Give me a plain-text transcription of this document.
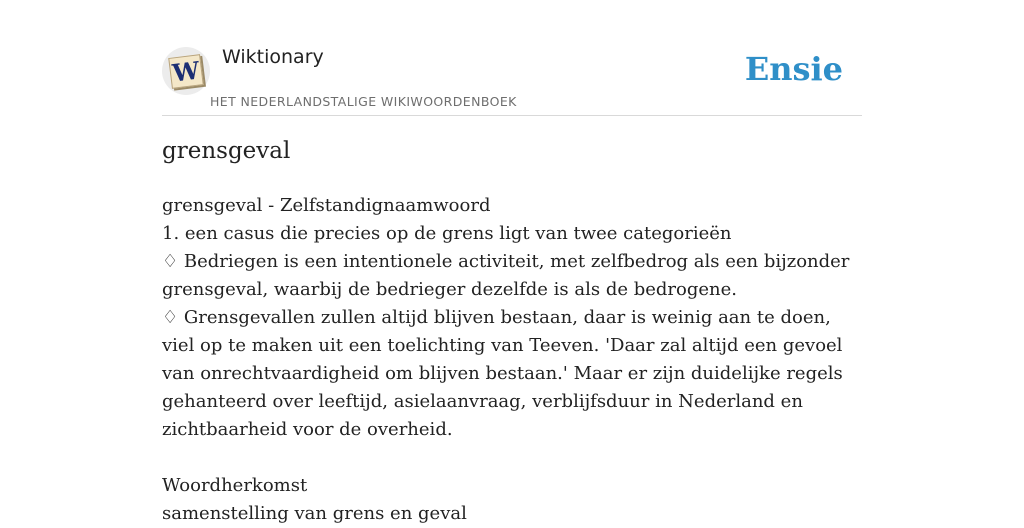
W Wiktionary
HET NEDERLANDSTALIGE WIKIWOORDENBOEK
Ensie
grensgeval
grensgeval - Zelfstandignaamwoord
1. een casus die precies op de grens ligt van twee categorieën
♢ Bedriegen is een intentionele activiteit, met zelfbedrog als een bijzonder grensgeval, waarbij de bedrieger dezelfde is als de bedrogene.
♢ Grensgevallen zullen altijd blijven bestaan, daar is weinig aan te doen, viel op te maken uit een toelichting van Teeven. 'Daar zal altijd een gevoel van onrechtvaardigheid om blijven bestaan.' Maar er zijn duidelijke regels gehanteerd over leeftijd, asielaanvraag, verblijfsduur in Nederland en zichtbaarheid voor de overheid.
Woordherkomst
samenstelling van grens en geval
